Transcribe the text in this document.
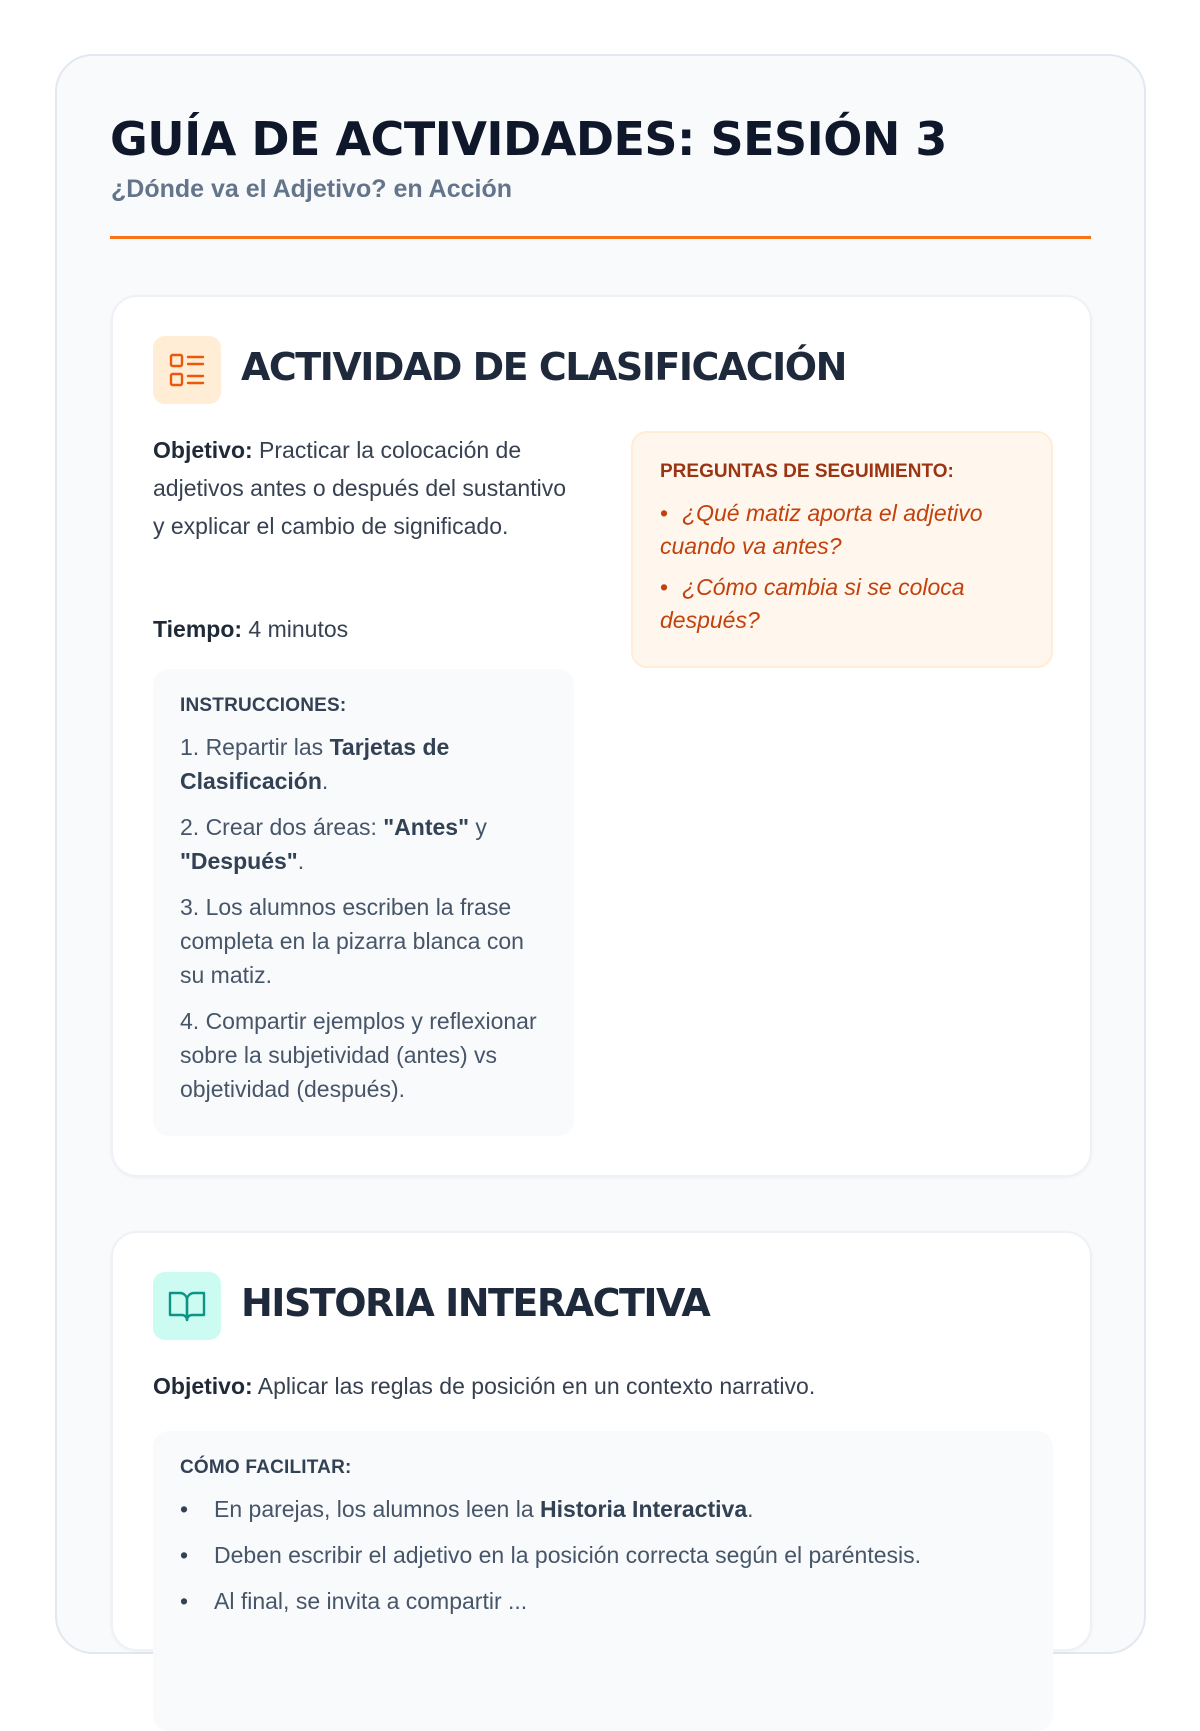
GUÍA DE ACTIVIDADES: SESIÓN 3
¿Dónde va el Adjetivo? en Acción
ACTIVIDAD DE CLASIFICACIÓN

Objetivo: Practicar la colocación de adjetivos antes o después del sustantivo y explicar el cambio de significado.

Tiempo: 4 minutos

INSTRUCCIONES:

1. Repartir las Tarjetas de Clasificación.

2. Crear dos áreas: "Antes" y "Después".

3. Los alumnos escriben la frase completa en la pizarra blanca con su matiz.

4. Compartir ejemplos y reflexionar sobre la subjetividad (antes) vs objetividad (después).

PREGUNTAS DE SEGUIMIENTO:

• ¿Qué matiz aporta el adjetivo cuando va antes?

• ¿Cómo cambia si se coloca después?

HISTORIA INTERACTIVA

Objetivo: Aplicar las reglas de posición en un contexto narrativo.

CÓMO FACILITAR:

•	En parejas, los alumnos leen la Historia Interactiva.

•	Deben escribir el adjetivo en la posición correcta según el paréntesis.

•	Al final, se invita a compartir ...
